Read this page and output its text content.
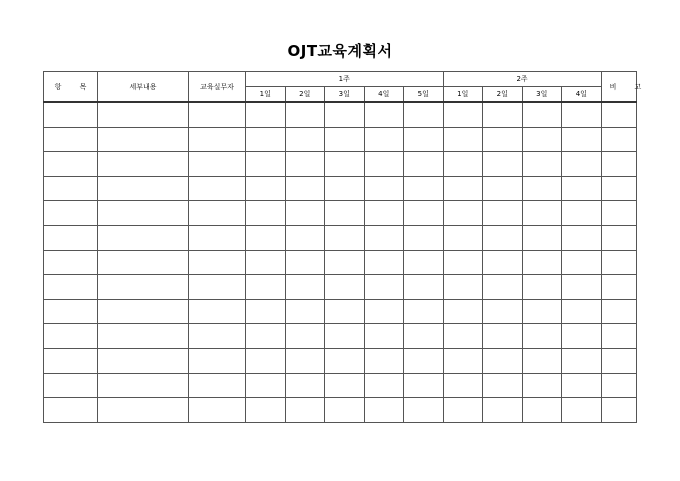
OJT교육계획서
항 목	세부내용	교육실무자	1주					2주				비 고
			1일	2일	3일	4일	5일	1일	2일	3일	4일	
